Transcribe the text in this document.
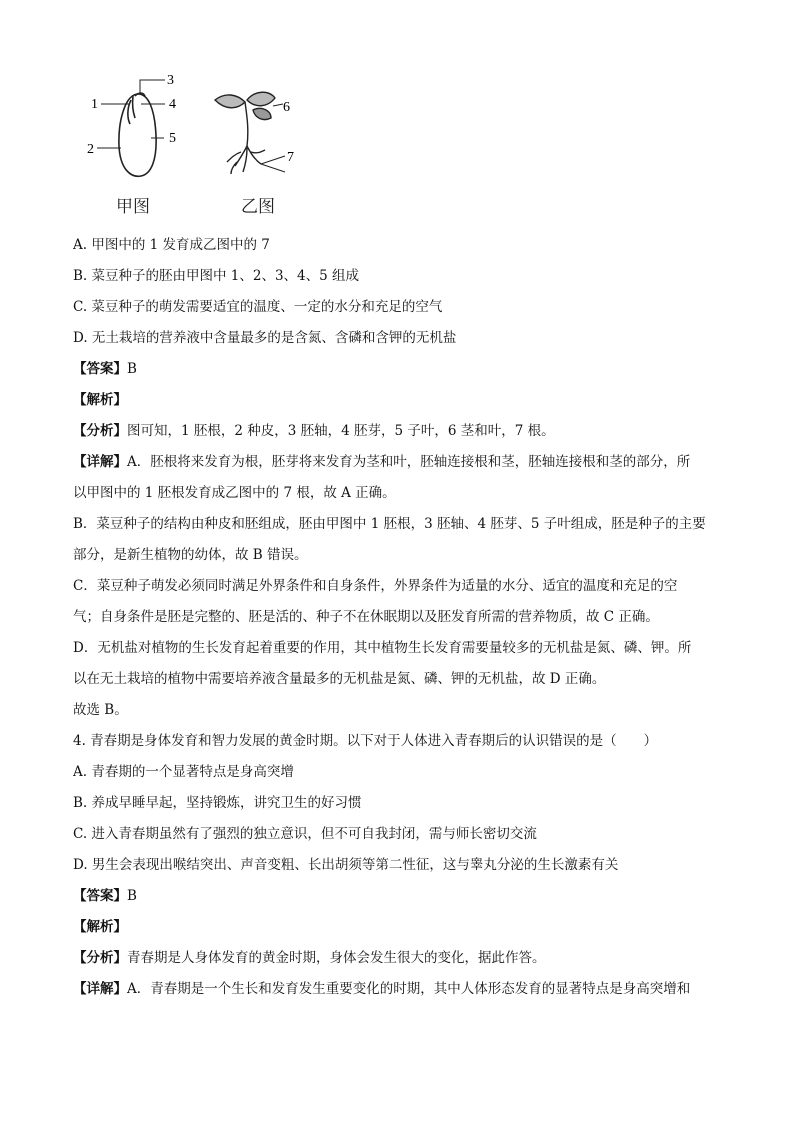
3
1	4
5
2
6
7
甲图	乙图
A. 甲图中的 1 发育成乙图中的 7
B. 菜豆种子的胚由甲图中 1、2、3、4、5 组成
C. 菜豆种子的萌发需要适宜的温度、一定的水分和充足的空气
D. 无土栽培的营养液中含量最多的是含氮、含磷和含钾的无机盐
【答案】B
【解析】
【分析】图可知，1 胚根，2 种皮，3 胚轴，4 胚芽，5 子叶，6 茎和叶，7 根。
【详解】A．胚根将来发育为根，胚芽将来发育为茎和叶，胚轴连接根和茎，胚轴连接根和茎的部分，所
以甲图中的 1 胚根发育成乙图中的 7 根，故 A 正确。
B．菜豆种子的结构由种皮和胚组成，胚由甲图中 1 胚根，3 胚轴、4 胚芽、5 子叶组成，胚是种子的主要
部分，是新生植物的幼体，故 B 错误。
C．菜豆种子萌发必须同时满足外界条件和自身条件，外界条件为适量的水分、适宜的温度和充足的空
气；自身条件是胚是完整的、胚是活的、种子不在休眠期以及胚发育所需的营养物质，故 C 正确。
D．无机盐对植物的生长发育起着重要的作用，其中植物生长发育需要量较多的无机盐是氮、磷、钾。所
以在无土栽培的植物中需要培养液含量最多的无机盐是氮、磷、钾的无机盐，故 D 正确。
故选 B。
4. 青春期是身体发育和智力发展的黄金时期。以下对于人体进入青春期后的认识错误的是（　　）
A. 青春期的一个显著特点是身高突增
B. 养成早睡早起，坚持锻炼，讲究卫生的好习惯
C. 进入青春期虽然有了强烈的独立意识，但不可自我封闭，需与师长密切交流
D. 男生会表现出喉结突出、声音变粗、长出胡须等第二性征，这与睾丸分泌的生长激素有关
【答案】B
【解析】
【分析】青春期是人身体发育的黄金时期，身体会发生很大的变化，据此作答。
【详解】A．青春期是一个生长和发育发生重要变化的时期，其中人体形态发育的显著特点是身高突增和
